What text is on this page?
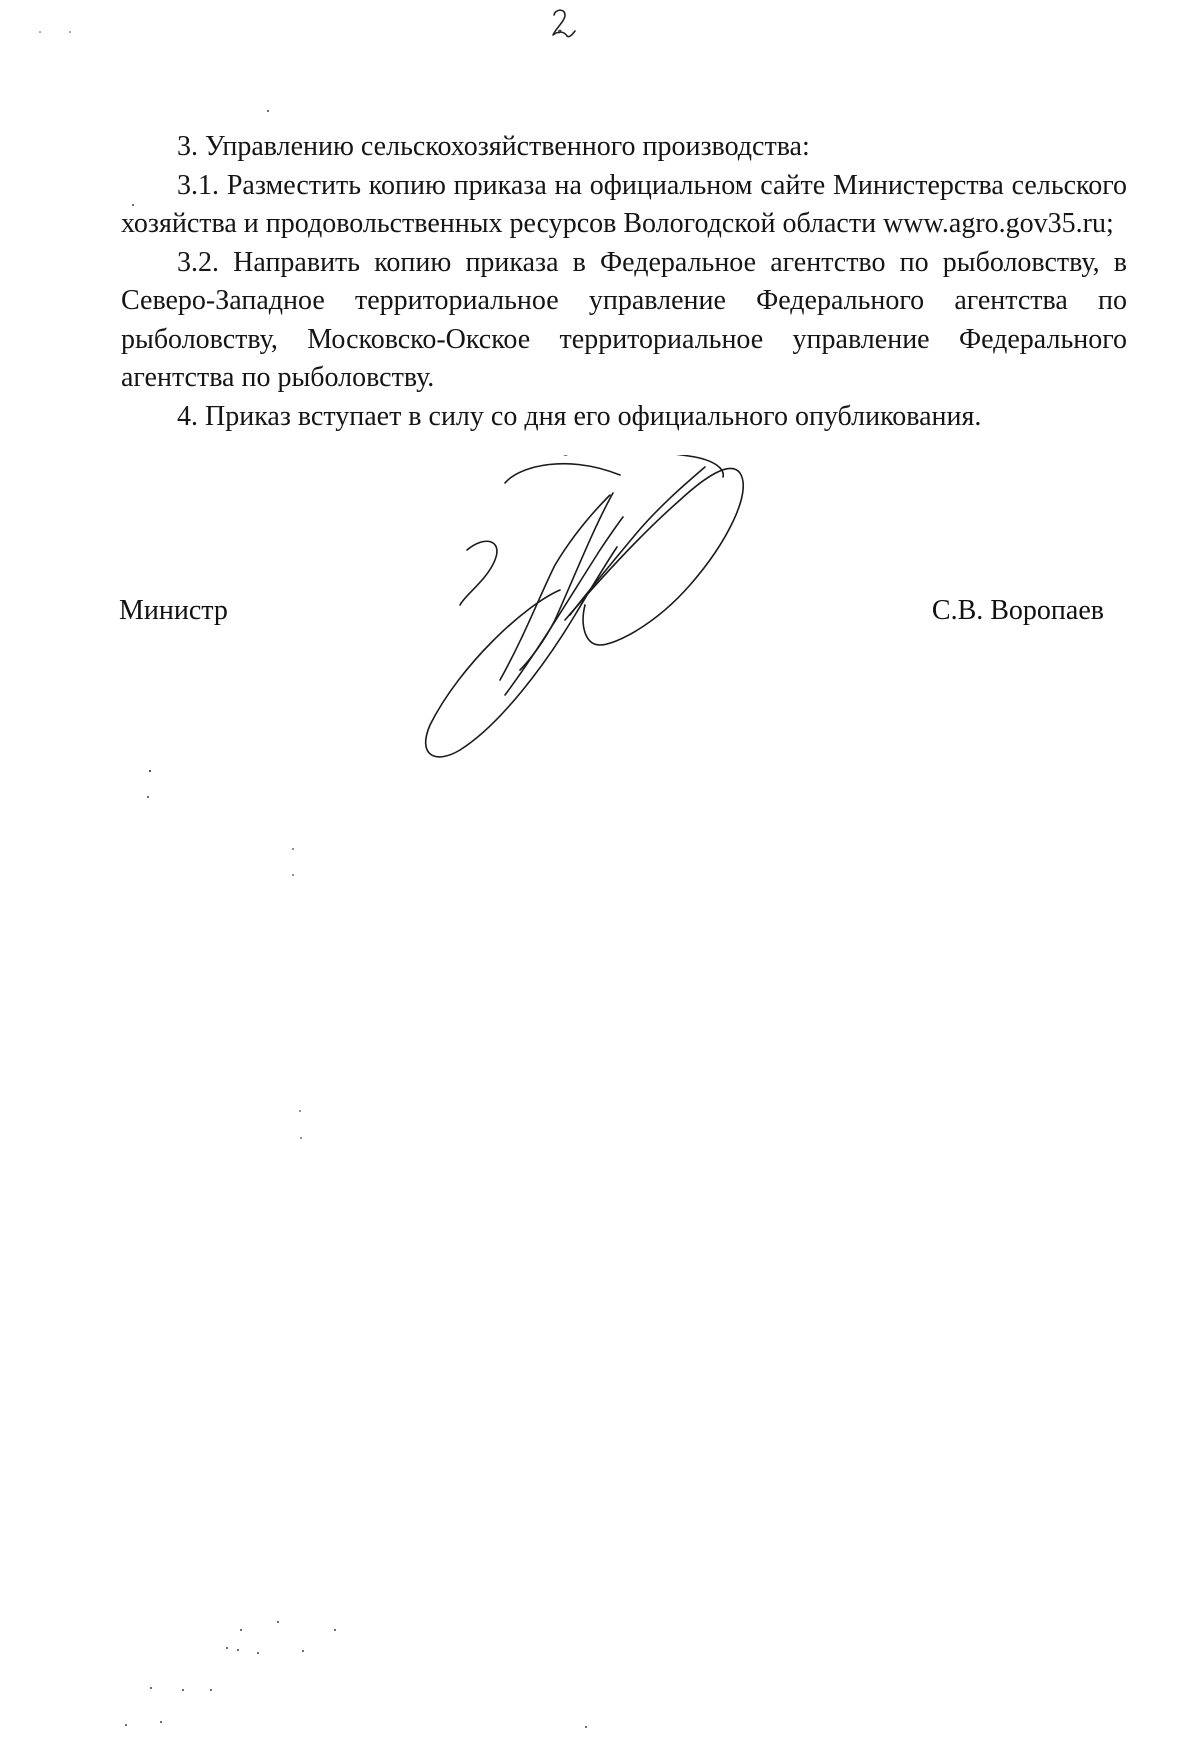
3. Управлению сельскохозяйственного производства:

3.1. Разместить копию приказа на официальном сайте Министерства сельского хозяйства и продовольственных ресурсов Вологодской области www.agro.gov35.ru;

3.2. Направить копию приказа в Федеральное агентство по рыболовству, в Северо-Западное территориальное управление Федерального агентства по рыболовству, Московско-Окское территориальное управление Федерального агентства по рыболовству.

4. Приказ вступает в силу со дня его официального опубликования.

Министр	С.В. Воропаев
